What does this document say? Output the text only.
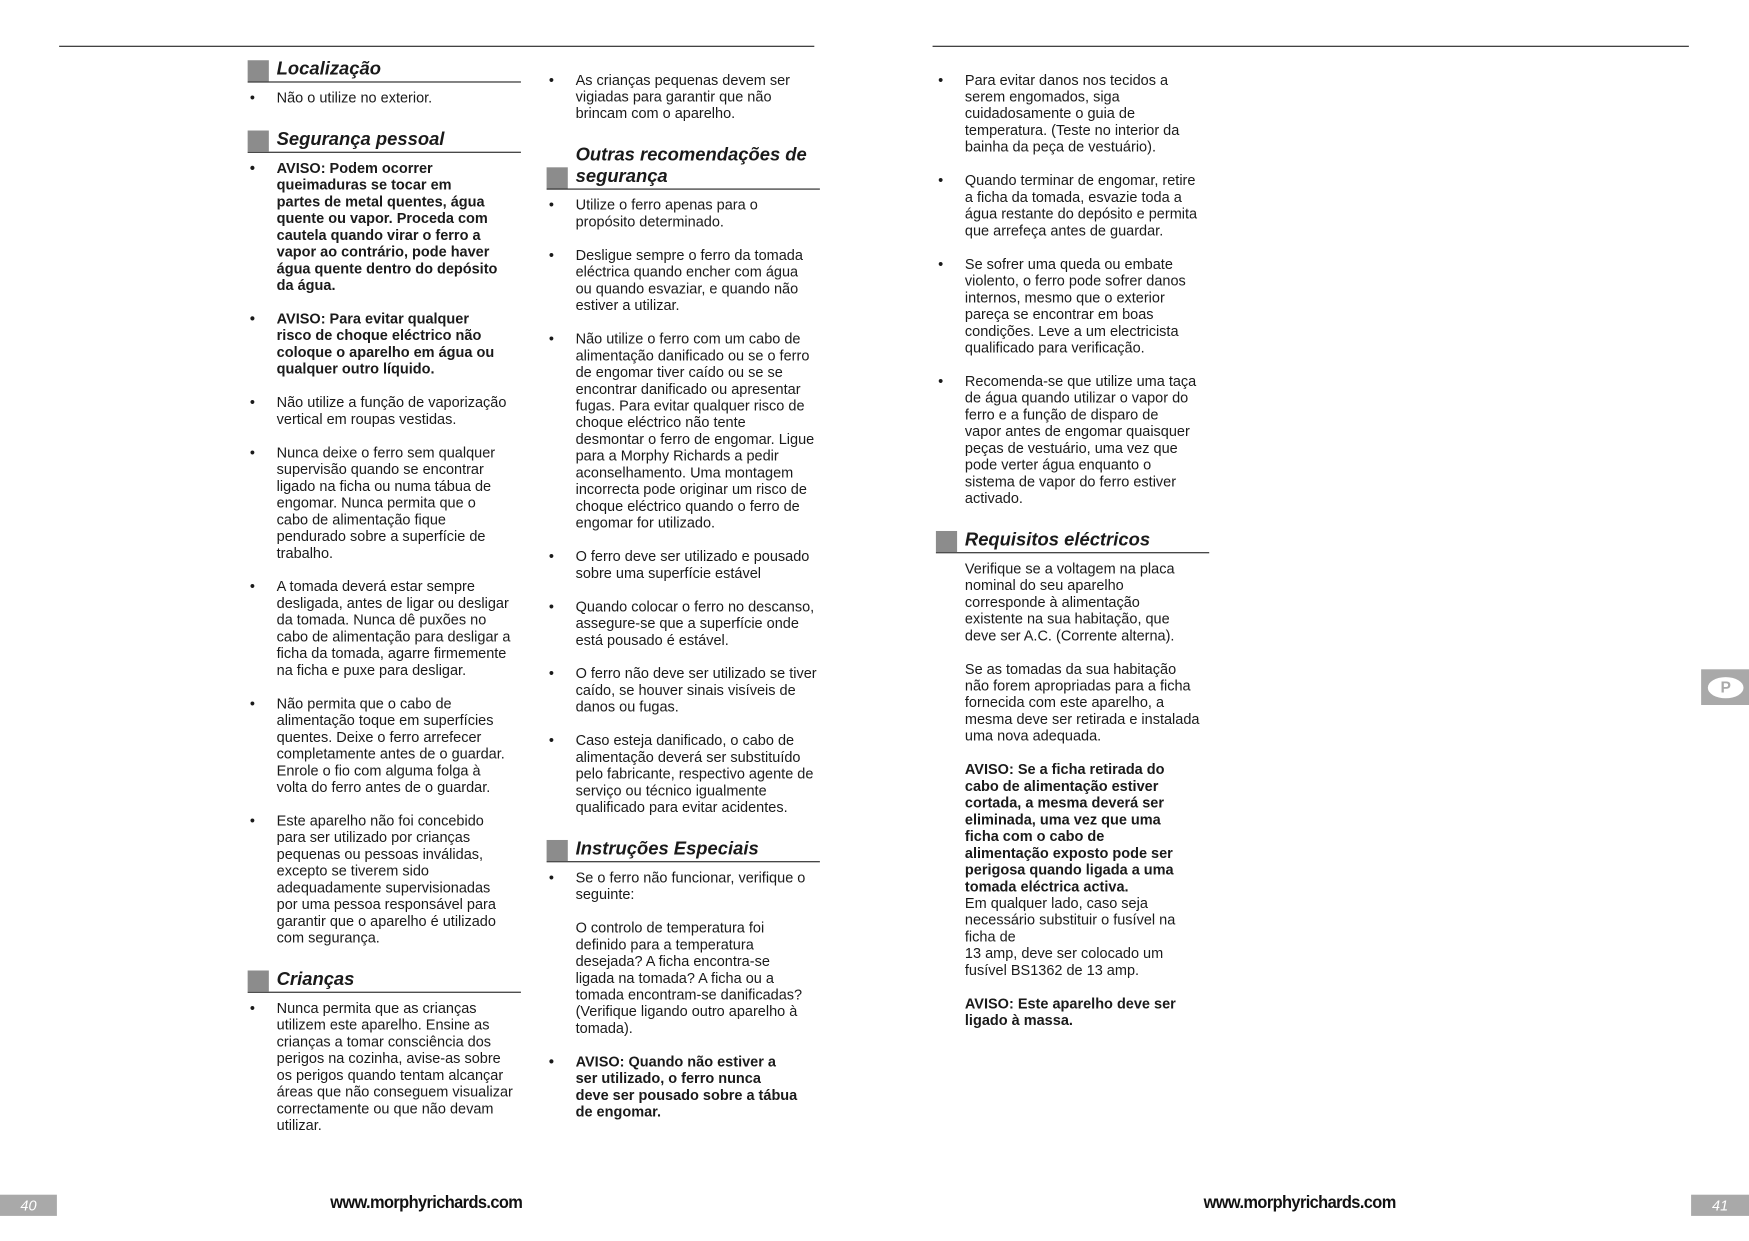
Localização
• Não o utilize no exterior.
Segurança pessoal
• AVISO: Podem ocorrer
queimaduras se tocar em
partes de metal quentes, água
quente ou vapor. Proceda com
cautela quando virar o ferro a
vapor ao contrário, pode haver
água quente dentro do depósito
da água.
• AVISO: Para evitar qualquer
risco de choque eléctrico não
coloque o aparelho em água ou
qualquer outro líquido.
• Não utilize a função de vaporização
vertical em roupas vestidas.
• Nunca deixe o ferro sem qualquer
supervisão quando se encontrar
ligado na ficha ou numa tábua de
engomar. Nunca permita que o
cabo de alimentação fique
pendurado sobre a superfície de
trabalho.
• A tomada deverá estar sempre
desligada, antes de ligar ou desligar
da tomada. Nunca dê puxões no
cabo de alimentação para desligar a
ficha da tomada, agarre firmemente
na ficha e puxe para desligar.
• Não permita que o cabo de
alimentação toque em superfícies
quentes. Deixe o ferro arrefecer
completamente antes de o guardar.
Enrole o fio com alguma folga à
volta do ferro antes de o guardar.
• Este aparelho não foi concebido
para ser utilizado por crianças
pequenas ou pessoas inválidas,
excepto se tiverem sido
adequadamente supervisionadas
por uma pessoa responsável para
garantir que o aparelho é utilizado
com segurança.
Crianças
• Nunca permita que as crianças
utilizem este aparelho. Ensine as
crianças a tomar consciência dos
perigos na cozinha, avise-as sobre
os perigos quando tentam alcançar
áreas que não conseguem visualizar
correctamente ou que não devam
utilizar.
• As crianças pequenas devem ser
vigiadas para garantir que não
brincam com o aparelho.
Outras recomendações de
segurança
• Utilize o ferro apenas para o
propósito determinado.
• Desligue sempre o ferro da tomada
eléctrica quando encher com água
ou quando esvaziar, e quando não
estiver a utilizar.
• Não utilize o ferro com um cabo de
alimentação danificado ou se o ferro
de engomar tiver caído ou se se
encontrar danificado ou apresentar
fugas. Para evitar qualquer risco de
choque eléctrico não tente
desmontar o ferro de engomar. Ligue
para a Morphy Richards a pedir
aconselhamento. Uma montagem
incorrecta pode originar um risco de
choque eléctrico quando o ferro de
engomar for utilizado.
• O ferro deve ser utilizado e pousado
sobre uma superfície estável
• Quando colocar o ferro no descanso,
assegure-se que a superfície onde
está pousado é estável.
• O ferro não deve ser utilizado se tiver
caído, se houver sinais visíveis de
danos ou fugas.
• Caso esteja danificado, o cabo de
alimentação deverá ser substituído
pelo fabricante, respectivo agente de
serviço ou técnico igualmente
qualificado para evitar acidentes.
Instruções Especiais
• Se o ferro não funcionar, verifique o
seguinte:
O controlo de temperatura foi
definido para a temperatura
desejada? A ficha encontra-se
ligada na tomada? A ficha ou a
tomada encontram-se danificadas?
(Verifique ligando outro aparelho à
tomada).
• AVISO: Quando não estiver a
ser utilizado, o ferro nunca
deve ser pousado sobre a tábua
de engomar.
• Para evitar danos nos tecidos a
serem engomados, siga
cuidadosamente o guia de
temperatura. (Teste no interior da
bainha da peça de vestuário).
• Quando terminar de engomar, retire
a ficha da tomada, esvazie toda a
água restante do depósito e permita
que arrefeça antes de guardar.
• Se sofrer uma queda ou embate
violento, o ferro pode sofrer danos
internos, mesmo que o exterior
pareça se encontrar em boas
condições. Leve a um electricista
qualificado para verificação.
• Recomenda-se que utilize uma taça
de água quando utilizar o vapor do
ferro e a função de disparo de
vapor antes de engomar quaisquer
peças de vestuário, uma vez que
pode verter água enquanto o
sistema de vapor do ferro estiver
activado.
Requisitos eléctricos
Verifique se a voltagem na placa
nominal do seu aparelho
corresponde à alimentação
existente na sua habitação, que
deve ser A.C. (Corrente alterna).
Se as tomadas da sua habitação
não forem apropriadas para a ficha
fornecida com este aparelho, a
mesma deve ser retirada e instalada
uma nova adequada.
AVISO: Se a ficha retirada do
cabo de alimentação estiver
cortada, a mesma deverá ser
eliminada, uma vez que uma
ficha com o cabo de
alimentação exposto pode ser
perigosa quando ligada a uma
tomada eléctrica activa.
Em qualquer lado, caso seja
necessário substituir o fusível na
ficha de
13 amp, deve ser colocado um
fusível BS1362 de 13 amp.
AVISO: Este aparelho deve ser
ligado à massa.
P
40	41
www.morphyrichards.com	www.morphyrichards.com
